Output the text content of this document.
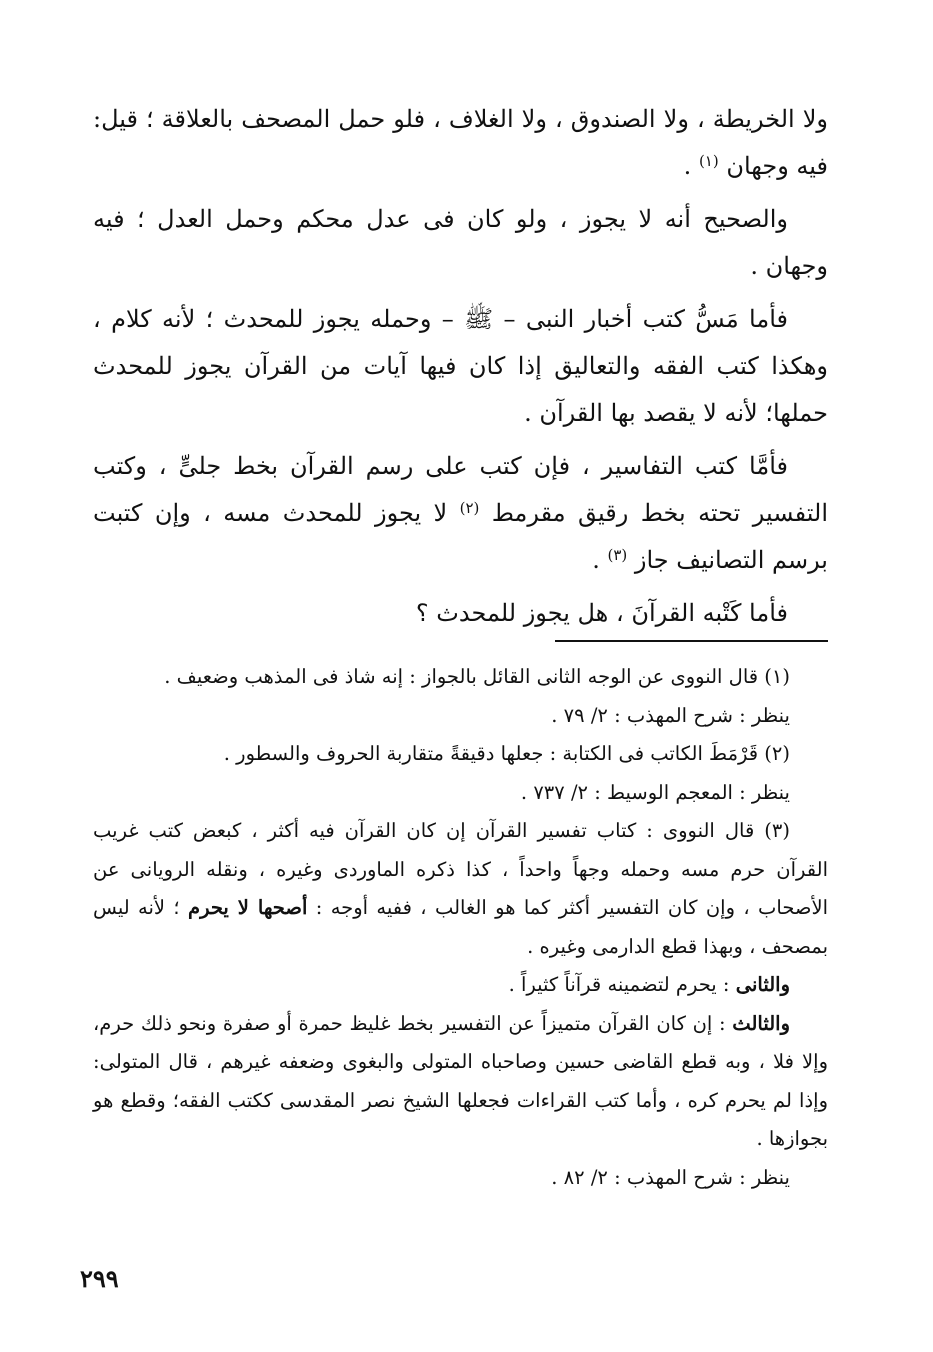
ولا الخريطة ، ولا الصندوق ، ولا الغلاف ، فلو حمل المصحف بالعلاقة ؛ قيل: فيه وجهان $^{(١)}$ .

والصحيح أنه لا يجوز ، ولو كان فى عدل محكم وحمل العدل ؛ فيه وجهان .

فأما مَسُّ كتب أخبار النبى – ﷺ – وحمله يجوز للمحدث ؛ لأنه كلام ، وهكذا كتب الفقه والتعاليق إذا كان فيها آيات من القرآن يجوز للمحدث حملها؛ لأنه لا يقصد بها القرآن .

فأمَّا كتب التفاسير ، فإن كتب على رسم القرآن بخط جلىٍّ ، وكتب التفسير تحته بخط رقيق مقرمط $^{(٢)}$ لا يجوز للمحدث مسه ، وإن كتبت برسم التصانيف جاز $^{(٣)}$ .

فأما كَتْبه القرآنَ ، هل يجوز للمحدث ؟

(١) قال النووى عن الوجه الثانى القائل بالجواز : إنه شاذ فى المذهب وضعيف .

ينظر : شرح المهذب : ٢/ ٧٩ .

(٢) قَرْمَطَ الكاتب فى الكتابة : جعلها دقيقةً متقاربة الحروف والسطور .

ينظر : المعجم الوسيط : ٢/ ٧٣٧ .

(٣) قال النووى : كتاب تفسير القرآن إن كان القرآن فيه أكثر ، كبعض كتب غريب القرآن حرم مسه وحمله وجهاً واحداً ، كذا ذكره الماوردى وغيره ، ونقله الرويانى عن الأصحاب ، وإن كان التفسير أكثر كما هو الغالب ، ففيه أوجه : أصحها لا يحرم ؛ لأنه ليس بمصحف ، وبهذا قطع الدارمى وغيره .

والثانى : يحرم لتضمينه قرآناً كثيراً .

والثالث : إن كان القرآن متميزاً عن التفسير بخط غليظ حمرة أو صفرة ونحو ذلك حرم، وإلا فلا ، وبه قطع القاضى حسين وصاحباه المتولى والبغوى وضعفه غيرهم ، قال المتولى: وإذا لم يحرم كره ، وأما كتب القراءات فجعلها الشيخ نصر المقدسى ككتب الفقه؛ وقطع هو بجوازها .

ينظر : شرح المهذب : ٢/ ٨٢ .

٢٩٩
